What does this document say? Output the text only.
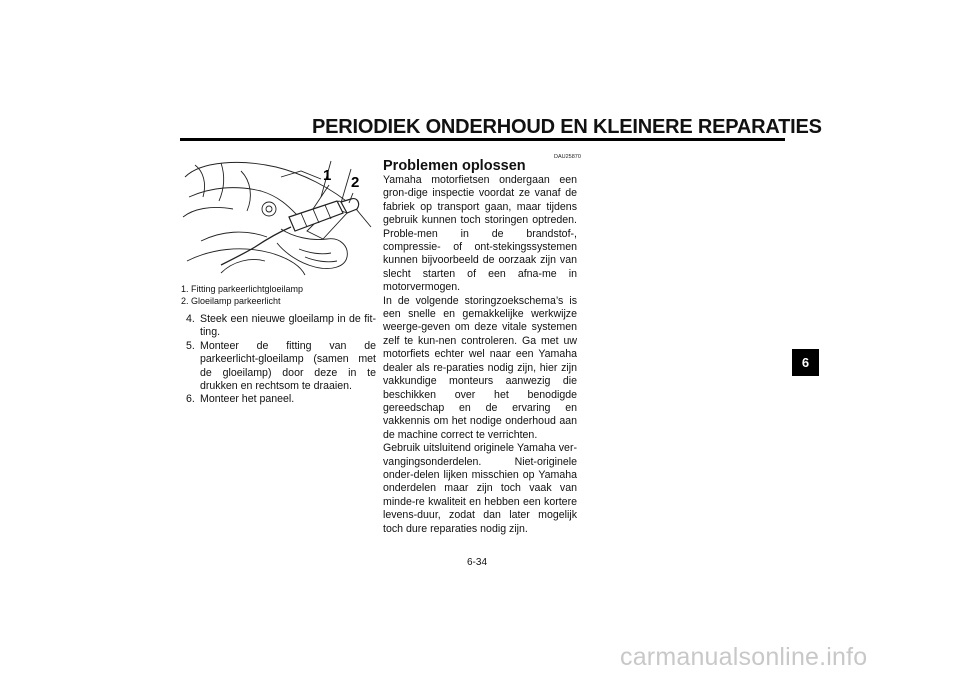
PERIODIEK ONDERHOUD EN KLEINERE REPARATIES
1 2
1. Fitting parkeerlichtgloeilamp
2. Gloeilamp parkeerlicht
4. Steek een nieuwe gloeilamp in de fit-ting.
5. Monteer de fitting van de parkeerlicht-gloeilamp (samen met de gloeilamp) door deze in te drukken en rechtsom te draaien.
6. Monteer het paneel.
DAU25870
Problemen oplossen

Yamaha motorfietsen ondergaan een gron-dige inspectie voordat ze vanaf de fabriek op transport gaan, maar tijdens gebruik kunnen toch storingen optreden. Proble-men in de brandstof-, compressie- of ont-stekingssystemen kunnen bijvoorbeeld de oorzaak zijn van slecht starten of een afna-me in motorvermogen.

In de volgende storingzoekschema’s is een snelle en gemakkelijke werkwijze weerge-geven om deze vitale systemen zelf te kun-nen controleren. Ga met uw motorfiets echter wel naar een Yamaha dealer als re-paraties nodig zijn, hier zijn vakkundige monteurs aanwezig die beschikken over het benodigde gereedschap en de ervaring en vakkennis om het nodige onderhoud aan de machine correct te verrichten.

Gebruik uitsluitend originele Yamaha ver-vangingsonderdelen. Niet-originele onder-delen lijken misschien op Yamaha onderdelen maar zijn toch vaak van minde-re kwaliteit en hebben een kortere levens-duur, zodat dan later mogelijk toch dure reparaties nodig zijn.

6-34
6
carmanualsonline.info
